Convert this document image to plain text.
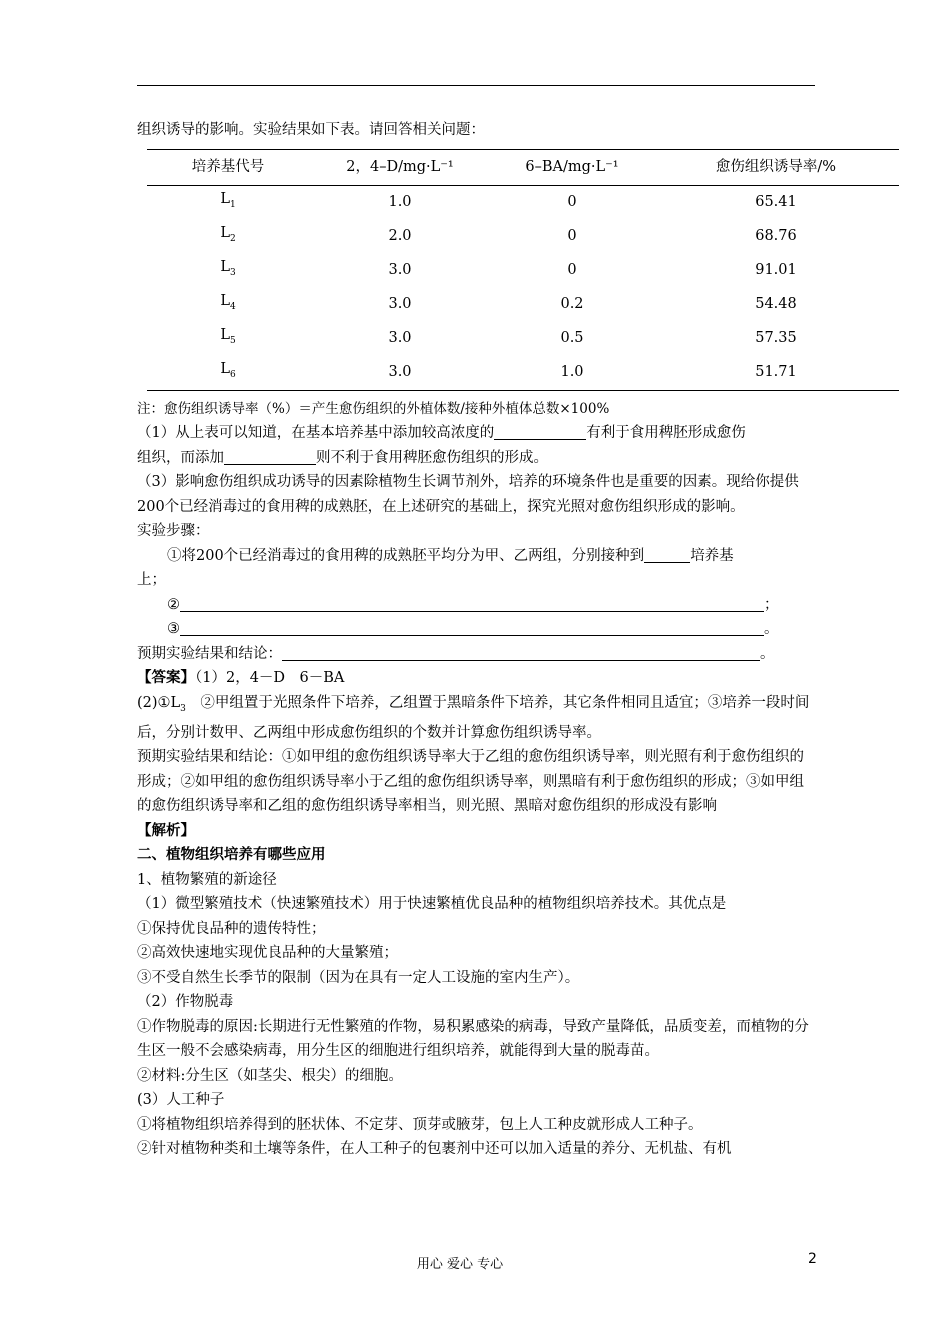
组织诱导的影响。实验结果如下表。请回答相关问题：

培养基代号	2，4–D/mg·L⁻¹	6–BA/mg·L⁻¹	愈伤组织诱导率/%
$L_1$	1.0	0	65.41
$L_2$	2.0	0	68.76
$L_3$	3.0	0	91.01
$L_4$	3.0	0.2	54.48
$L_5$	3.0	0.5	57.35
$L_6$	3.0	1.0	51.71

注：愈伤组织诱导率（%）＝产生愈伤组织的外植体数/接种外植体总数×100%

（1）从上表可以知道，在基本培养基中添加较高浓度的	有利于食用稗胚形成愈伤

组织，而添加	则不利于食用稗胚愈伤组织的形成。

（3）影响愈伤组织成功诱导的因素除植物生长调节剂外，培养的环境条件也是重要的因素。现给你提供200个已经消毒过的食用稗的成熟胚，在上述研究的基础上，探究光照对愈伤组织形成的影响。

实验步骤：

①将200个已经消毒过的食用稗的成熟胚平均分为甲、乙两组，分别接种到	培养基

上；

②	；

③	。

预期实验结果和结论：	。

【答案】（1）2，4－D　6－BA

$(2)①L_3$　②甲组置于光照条件下培养，乙组置于黑暗条件下培养，其它条件相同且适宜；③培养一段时间后，分别计数甲、乙两组中形成愈伤组织的个数并计算愈伤组织诱导率。

预期实验结果和结论：①如甲组的愈伤组织诱导率大于乙组的愈伤组织诱导率，则光照有利于愈伤组织的形成；②如甲组的愈伤组织诱导率小于乙组的愈伤组织诱导率，则黑暗有利于愈伤组织的形成；③如甲组的愈伤组织诱导率和乙组的愈伤组织诱导率相当，则光照、黑暗对愈伤组织的形成没有影响

【解析】

二、植物组织培养有哪些应用

1、植物繁殖的新途径

（1）微型繁殖技术（快速繁殖技术）用于快速繁植优良品种的植物组织培养技术。其优点是

①保持优良品种的遗传特性；

②高效快速地实现优良品种的大量繁殖；

③不受自然生长季节的限制（因为在具有一定人工设施的室内生产）。

（2）作物脱毒

①作物脱毒的原因:长期进行无性繁殖的作物，易积累感染的病毒，导致产量降低，品质变差，而植物的分生区一般不会感染病毒，用分生区的细胞进行组织培养，就能得到大量的脱毒苗。

②材料:分生区（如茎尖、根尖）的细胞。

(3）人工种子

①将植物组织培养得到的胚状体、不定芽、顶芽或腋芽，包上人工种皮就形成人工种子。

②针对植物种类和土壤等条件，在人工种子的包裹剂中还可以加入适量的养分、无机盐、有机

用心 爱心 专心	2
